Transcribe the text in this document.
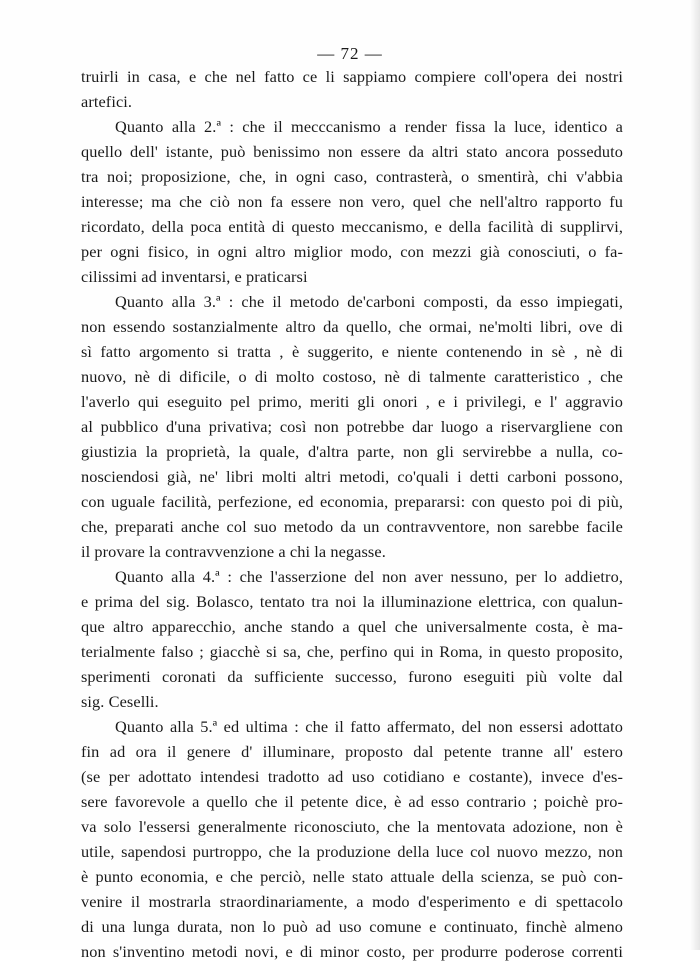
— 72 —
truirli in casa, e che nel fatto ce li sappiamo compiere coll'opera dei nostri
artefici.
Quanto alla 2.ª : che il mecccanismo a render fissa la luce, identico a
quello dell' istante, può benissimo non essere da altri stato ancora posseduto
tra noi; proposizione, che, in ogni caso, contrasterà, o smentirà, chi v'abbia
interesse; ma che ciò non fa essere non vero, quel che nell'altro rapporto fu
ricordato, della poca entità di questo meccanismo, e della facilità di supplirvi,
per ogni fisico, in ogni altro miglior modo, con mezzi già conosciuti, o fa-
cilissimi ad inventarsi, e praticarsi
Quanto alla 3.ª : che il metodo de'carboni composti, da esso impiegati,
non essendo sostanzialmente altro da quello, che ormai, ne'molti libri, ove di
sì fatto argomento si tratta , è suggerito, e niente contenendo in sè , nè di
nuovo, nè di dificile, o di molto costoso, nè di talmente caratteristico , che
l'averlo qui eseguito pel primo, meriti gli onori , e i privilegi, e l' aggravio
al pubblico d'una privativa; così non potrebbe dar luogo a riservargliene con
giustizia la proprietà, la quale, d'altra parte, non gli servirebbe a nulla, co-
nosciendosi già, ne' libri molti altri metodi, co'quali i detti carboni possono,
con uguale facilità, perfezione, ed economia, prepararsi: con questo poi di più,
che, preparati anche col suo metodo da un contravventore, non sarebbe facile
il provare la contravvenzione a chi la negasse.
Quanto alla 4.ª : che l'asserzione del non aver nessuno, per lo addietro,
e prima del sig. Bolasco, tentato tra noi la illuminazione elettrica, con qualun-
que altro apparecchio, anche stando a quel che universalmente costa, è ma-
terialmente falso ; giacchè si sa, che, perfino qui in Roma, in questo proposito,
sperimenti coronati da sufficiente successo, furono eseguiti più volte dal
sig. Ceselli.
Quanto alla 5.ª ed ultima : che il fatto affermato, del non essersi adottato
fin ad ora il genere d' illuminare, proposto dal petente tranne all' estero
(se per adottato intendesi tradotto ad uso cotidiano e costante), invece d'es-
sere favorevole a quello che il petente dice, è ad esso contrario ; poichè pro-
va solo l'essersi generalmente riconosciuto, che la mentovata adozione, non è
utile, sapendosi purtroppo, che la produzione della luce col nuovo mezzo, non
è punto economia, e che perciò, nelle stato attuale della scienza, se può con-
venire il mostrarla straordinariamente, a modo d'esperimento e di spettacolo
di una lunga durata, non lo può ad uso comune e continuato, finchè almeno
non s'inventino metodi novi, e di minor costo, per produrre poderose correnti
